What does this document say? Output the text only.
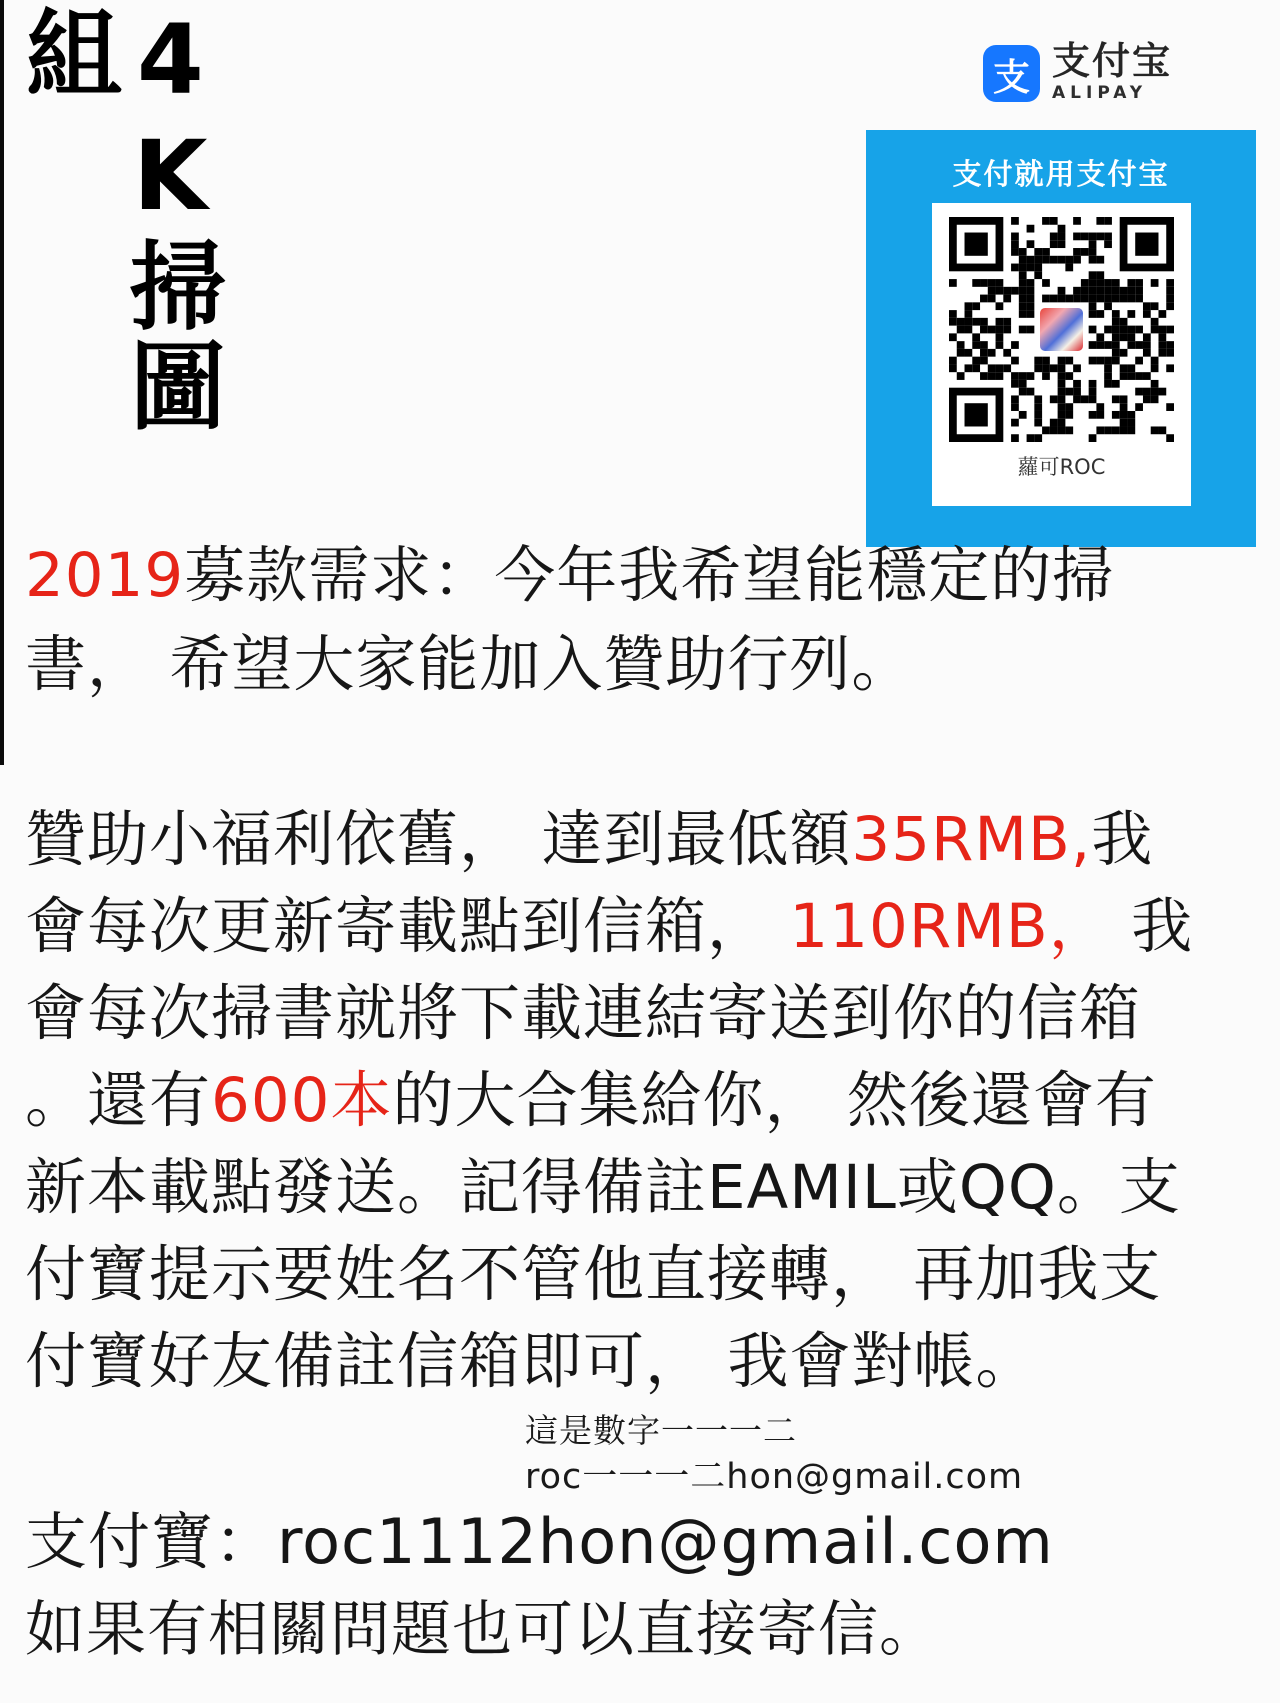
4K掃圖組	支 支付宝
ALIPAY
支付就用支付宝
蘿可ROC
2019募款需求：今年我希望能穩定的掃
書， 希望大家能加入贊助行列。
贊助小福利依舊， 達到最低額35RMB,我
會每次更新寄載點到信箱， 110RMB， 我
會每次掃書就將下載連結寄送到你的信箱
。還有600本的大合集給你， 然後還會有
新本載點發送。記得備註EAMIL或QQ。支
付寶提示要姓名不管他直接轉， 再加我支
付寶好友備註信箱即可， 我會對帳。
這是數字一一一二
roc一一一二hon@gmail.com
支付寶：roc1112hon@gmail.com
如果有相關問題也可以直接寄信。
